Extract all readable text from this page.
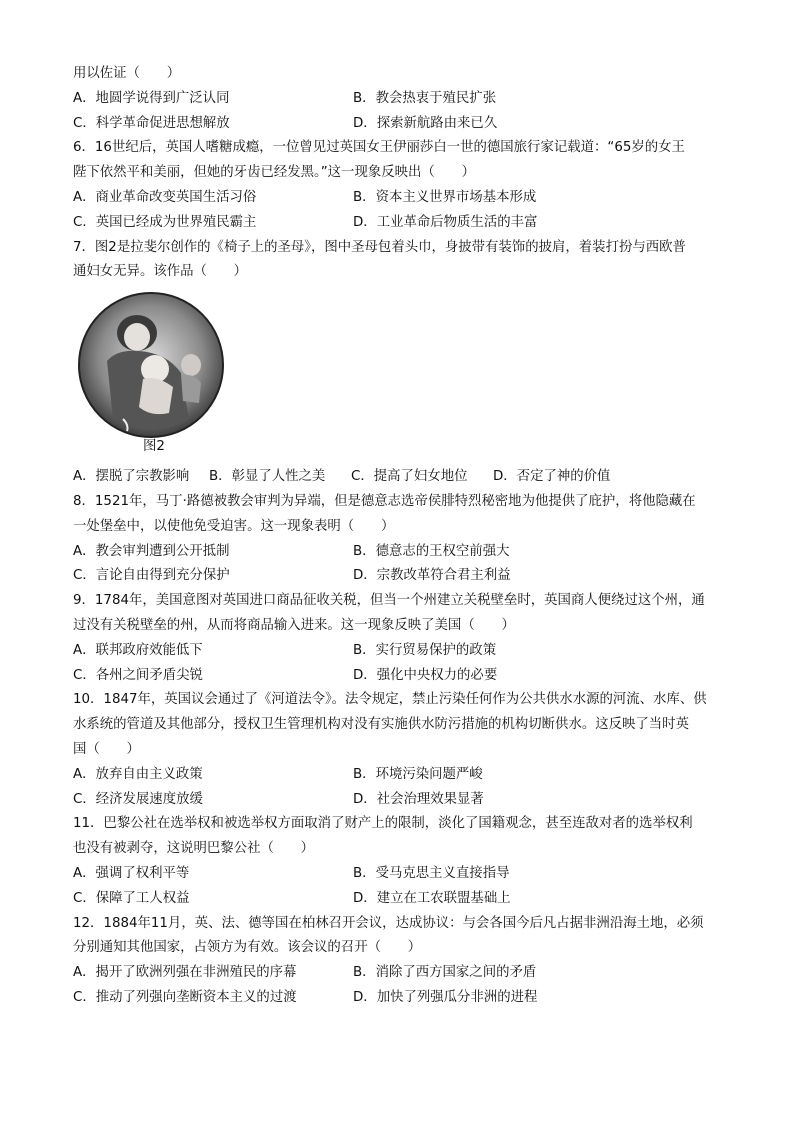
用以佐证（　　）
A．地圆学说得到广泛认同	B．教会热衷于殖民扩张
C．科学革命促进思想解放	D．探索新航路由来已久
6．16世纪后，英国人嗜糖成瘾，一位曾见过英国女王伊丽莎白一世的德国旅行家记载道：“65岁的女王
陛下依然平和美丽，但她的牙齿已经发黑。”这一现象反映出（　　）
A．商业革命改变英国生活习俗	B．资本主义世界市场基本形成
C．英国已经成为世界殖民霸主	D．工业革命后物质生活的丰富
7．图2是拉斐尔创作的《椅子上的圣母》，图中圣母包着头巾，身披带有装饰的披肩，着装打扮与西欧普
通妇女无异。该作品（　　）
图2
A．摆脱了宗教影响	B．彰显了人性之美	C．提高了妇女地位	D．否定了神的价值
8．1521年，马丁·路德被教会审判为异端，但是德意志选帝侯腓特烈秘密地为他提供了庇护，将他隐藏在
一处堡垒中，以使他免受迫害。这一现象表明（　　）
A．教会审判遭到公开抵制	B．德意志的王权空前强大
C．言论自由得到充分保护	D．宗教改革符合君主利益
9．1784年，美国意图对英国进口商品征收关税，但当一个州建立关税壁垒时，英国商人便绕过这个州，通
过没有关税壁垒的州，从而将商品输入进来。这一现象反映了美国（　　）
A．联邦政府效能低下	B．实行贸易保护的政策
C．各州之间矛盾尖锐	D．强化中央权力的必要
10．1847年，英国议会通过了《河道法令》。法令规定，禁止污染任何作为公共供水水源的河流、水库、供
水系统的管道及其他部分，授权卫生管理机构对没有实施供水防污措施的机构切断供水。这反映了当时英
国（　　）
A．放弃自由主义政策	B．环境污染问题严峻
C．经济发展速度放缓	D．社会治理效果显著
11．巴黎公社在选举权和被选举权方面取消了财产上的限制，淡化了国籍观念，甚至连敌对者的选举权利
也没有被剥夺，这说明巴黎公社（　　）
A．强调了权利平等	B．受马克思主义直接指导
C．保障了工人权益	D．建立在工农联盟基础上
12．1884年11月，英、法、德等国在柏林召开会议，达成协议：与会各国今后凡占据非洲沿海土地，必须
分别通知其他国家，占领方为有效。该会议的召开（　　）
A．揭开了欧洲列强在非洲殖民的序幕	B．消除了西方国家之间的矛盾
C．推动了列强向垄断资本主义的过渡	D．加快了列强瓜分非洲的进程
